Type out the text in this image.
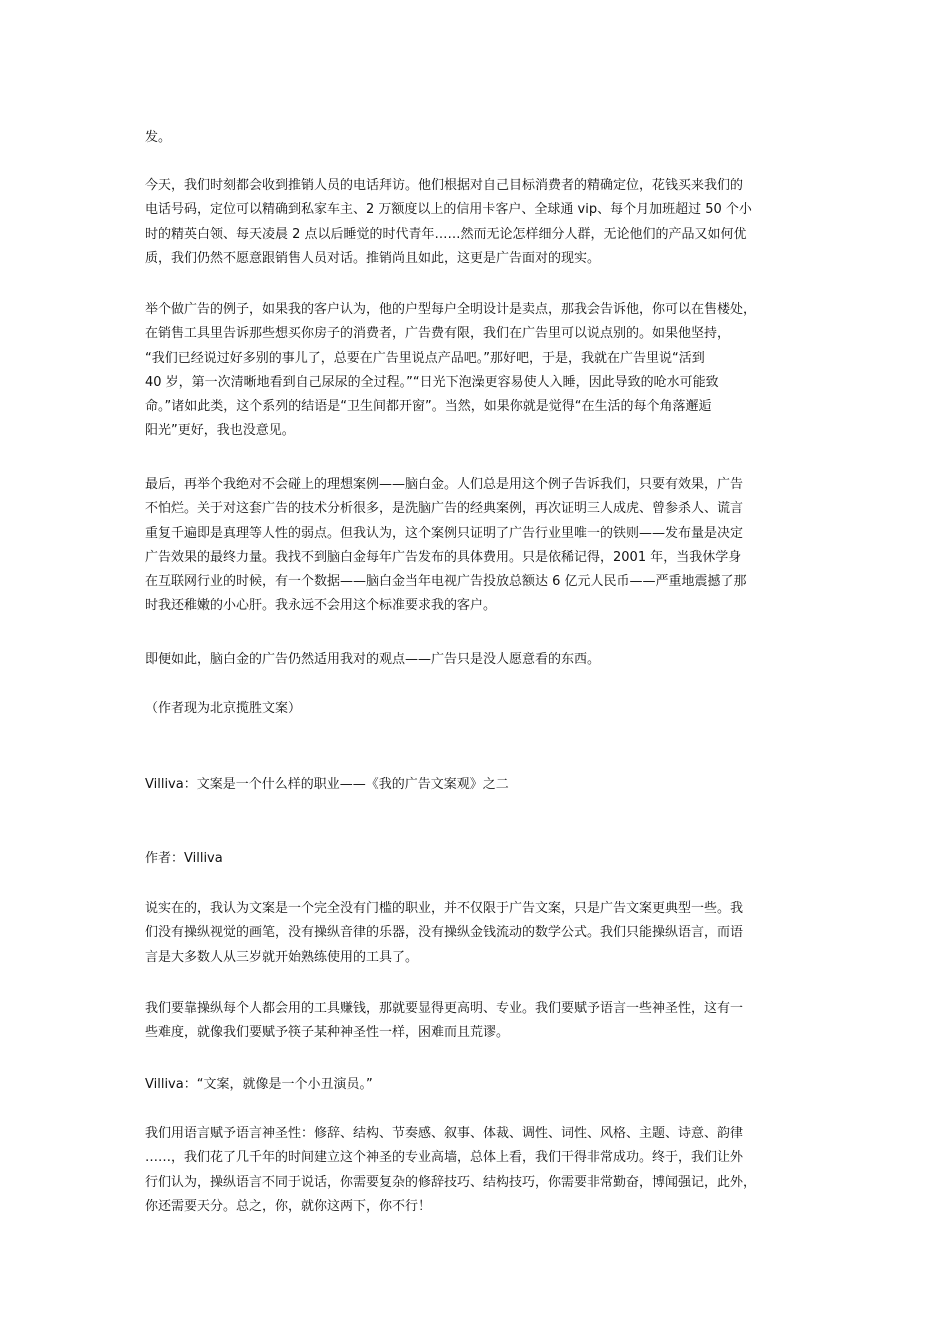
发。
今天，我们时刻都会收到推销人员的电话拜访。他们根据对自己目标消费者的精确定位，花钱买来我们的
电话号码，定位可以精确到私家车主、2 万额度以上的信用卡客户、全球通 vip、每个月加班超过 50 个小
时的精英白领、每天凌晨 2 点以后睡觉的时代青年……然而无论怎样细分人群，无论他们的产品又如何优
质，我们仍然不愿意跟销售人员对话。推销尚且如此，这更是广告面对的现实。
举个做广告的例子，如果我的客户认为，他的户型每户全明设计是卖点，那我会告诉他，你可以在售楼处，
在销售工具里告诉那些想买你房子的消费者，广告费有限，我们在广告里可以说点别的。如果他坚持，
“我们已经说过好多别的事儿了，总要在广告里说点产品吧。”那好吧，于是，我就在广告里说“活到
40 岁，第一次清晰地看到自己尿尿的全过程。”“日光下泡澡更容易使人入睡，因此导致的呛水可能致
命。”诸如此类，这个系列的结语是“卫生间都开窗”。当然，如果你就是觉得“在生活的每个角落邂逅
阳光”更好，我也没意见。
最后，再举个我绝对不会碰上的理想案例——脑白金。人们总是用这个例子告诉我们，只要有效果，广告
不怕烂。关于对这套广告的技术分析很多，是洗脑广告的经典案例，再次证明三人成虎、曾参杀人、谎言
重复千遍即是真理等人性的弱点。但我认为，这个案例只证明了广告行业里唯一的铁则——发布量是决定
广告效果的最终力量。我找不到脑白金每年广告发布的具体费用。只是依稀记得，2001 年，当我休学身
在互联网行业的时候，有一个数据——脑白金当年电视广告投放总额达 6 亿元人民币——严重地震撼了那
时我还稚嫩的小心肝。我永远不会用这个标准要求我的客户。
即便如此，脑白金的广告仍然适用我对的观点——广告只是没人愿意看的东西。
（作者现为北京揽胜文案）
Villiva：文案是一个什么样的职业——《我的广告文案观》之二
作者：Villiva
说实在的，我认为文案是一个完全没有门槛的职业，并不仅限于广告文案，只是广告文案更典型一些。我
们没有操纵视觉的画笔，没有操纵音律的乐器，没有操纵金钱流动的数学公式。我们只能操纵语言，而语
言是大多数人从三岁就开始熟练使用的工具了。
我们要靠操纵每个人都会用的工具赚钱，那就要显得更高明、专业。我们要赋予语言一些神圣性，这有一
些难度，就像我们要赋予筷子某种神圣性一样，困难而且荒谬。
Villiva：“文案，就像是一个小丑演员。”
我们用语言赋予语言神圣性：修辞、结构、节奏感、叙事、体裁、调性、词性、风格、主题、诗意、韵律
……，我们花了几千年的时间建立这个神圣的专业高墙，总体上看，我们干得非常成功。终于，我们让外
行们认为，操纵语言不同于说话，你需要复杂的修辞技巧、结构技巧，你需要非常勤奋，博闻强记，此外，
你还需要天分。总之，你，就你这两下，你不行！
